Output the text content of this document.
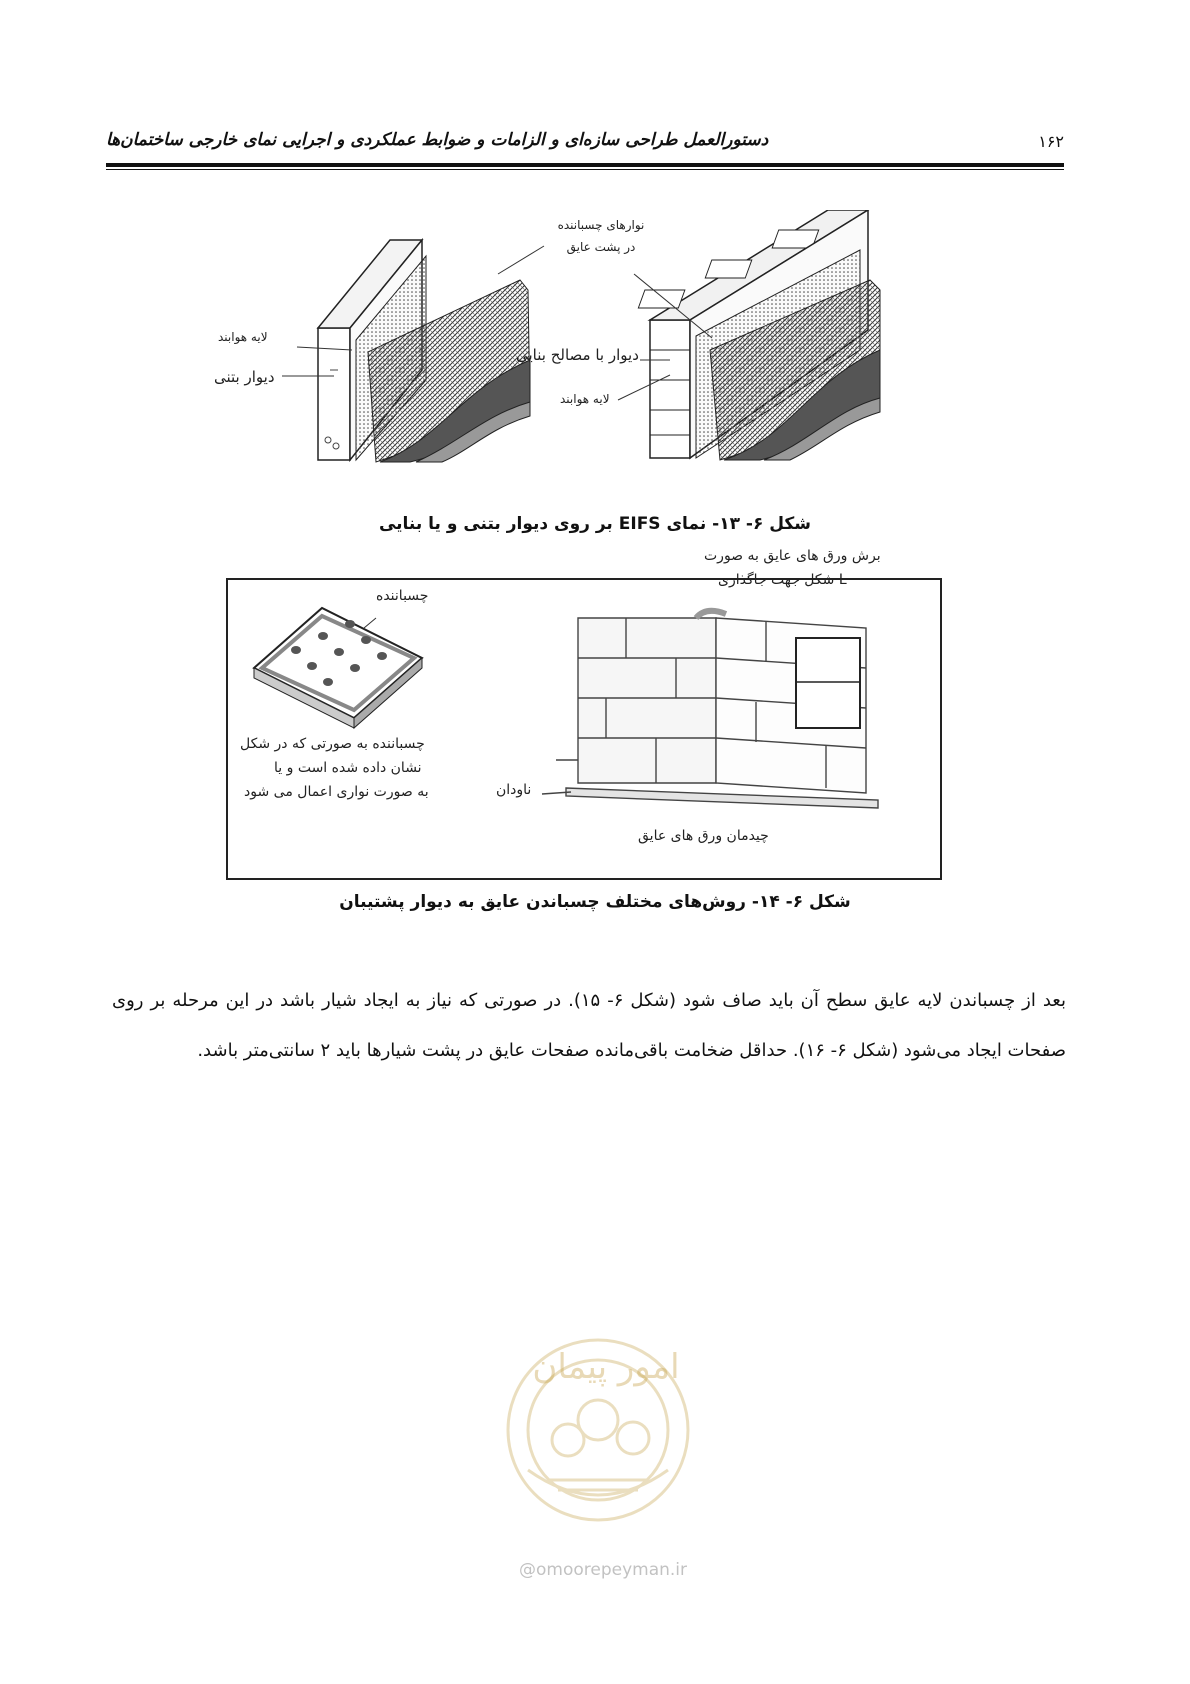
۱۶۲
دستورالعمل طراحی سازه‌ای و الزامات و ضوابط عملکردی و اجرایی نمای خارجی ساختمان‌ها
لایه هوابند
دیوار بتنی
نوارهای چسباننده در پشت عایق
دیوار با مصالح بنایی
لایه هوابند
شکل ۶- ۱۳- نمای EIFS بر روی دیوار بتنی و یا بنایی
چسباننده
چسباننده به صورتی که در شکل
نشان داده شده است و یا
به صورت نواری اعمال می شود
برش ورق های عایق به صورت
L شکل جهت جاگذاری
ناودان
چیدمان ورق های عایق
شکل ۶- ۱۴- روش‌های مختلف چسباندن عایق به دیوار پشتیبان

بعد از چسباندن لایه عایق سطح آن باید صاف شود (شکل ۶- ۱۵). در صورتی که نیاز به ایجاد شیار باشد در این مرحله بر روی صفحات ایجاد می‌شود (شکل ۶- ۱۶). حداقل ضخامت باقی‌مانده صفحات عایق در پشت شیارها باید ۲ سانتی‌متر باشد.

امور پیمان
@omoorepeyman.ir
